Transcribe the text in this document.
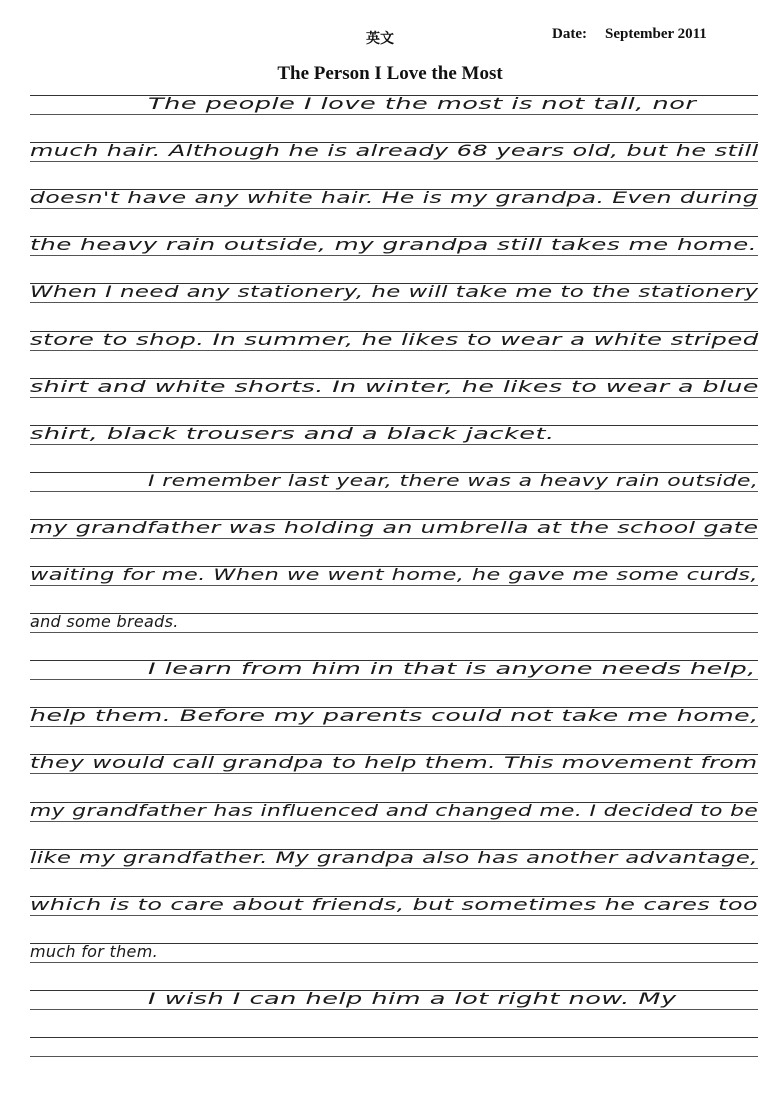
英文	Date: September 2011
The Person I Love the Most
The people I love the most is not tall, nor
much hair. Although he is already 68 years old, but he still
doesn't have any white hair. He is my grandpa. Even during
the heavy rain outside, my grandpa still takes me home.
When I need any stationery, he will take me to the stationery
store to shop. In summer, he likes to wear a white striped
shirt and white shorts. In winter, he likes to wear a blue
shirt, black trousers and a black jacket.
I remember last year, there was a heavy rain outside,
my grandfather was holding an umbrella at the school gate
waiting for me. When we went home, he gave me some curds,
and some breads.
I learn from him in that is anyone needs help,
help them. Before my parents could not take me home,
they would call grandpa to help them. This movement from
my grandfather has influenced and changed me. I decided to be
like my grandfather. My grandpa also has another advantage,
which is to care about friends, but sometimes he cares too
much for them.
I wish I can help him a lot right now. My
